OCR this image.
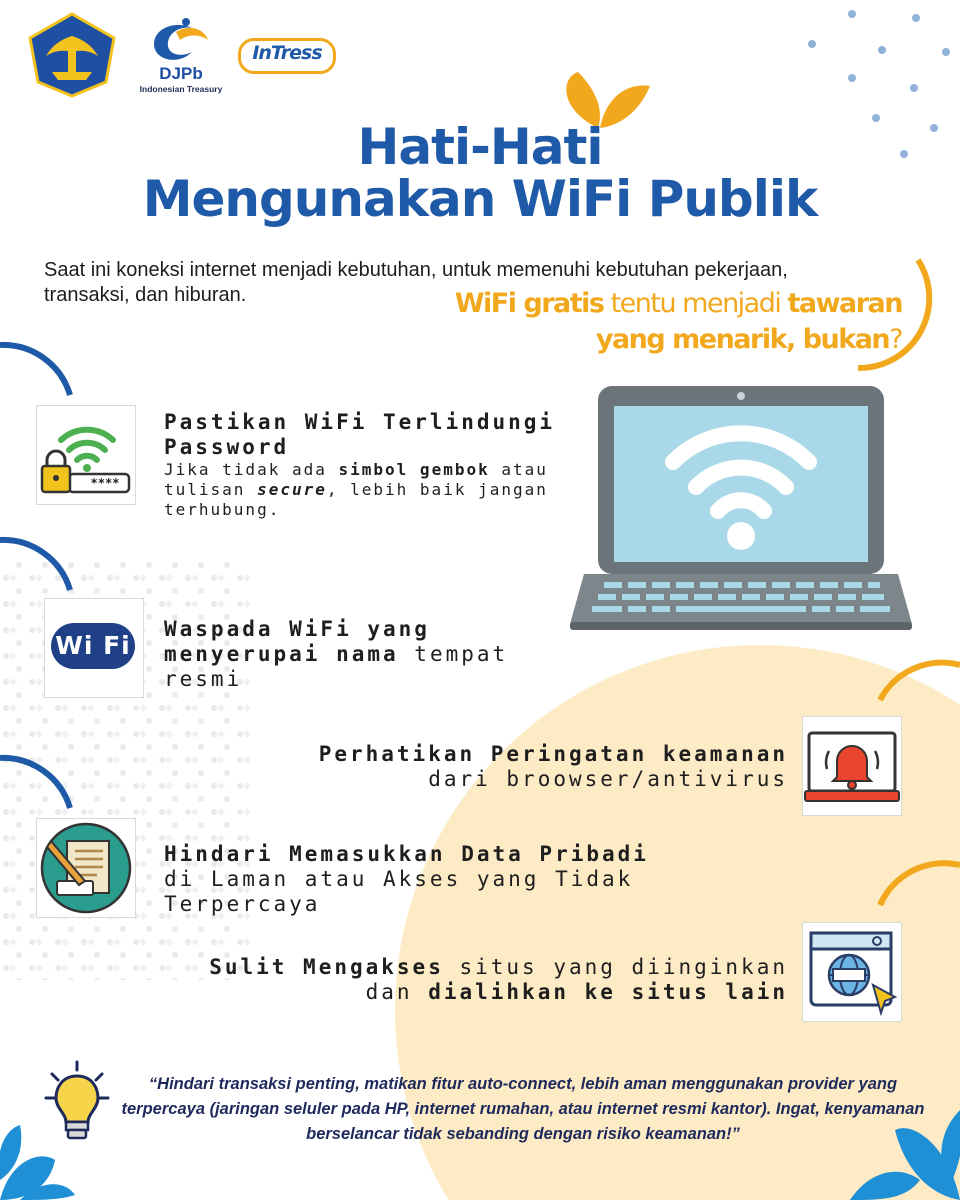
DJPb
Indonesian Treasury
InTress
Hati-Hati
Mengunakan WiFi Publik
Saat ini koneksi internet menjadi kebutuhan, untuk memenuhi kebutuhan pekerjaan, transaksi, dan hiburan.	WiFi gratis tentu menjadi tawaran
yang menarik, bukan?
****
Pastikan WiFi Terlindungi Password
Jika tidak ada simbol gembok atau tulisan secure, lebih baik jangan terhubung.
Wi Fi
Waspada WiFi yang menyerupai nama tempat resmi
Perhatikan Peringatan keamanan
dari broowser/antivirus
Hindari Memasukkan Data Pribadi
di Laman atau Akses yang Tidak Terpercaya
Sulit Mengakses situs yang diinginkan
dan dialihkan ke situs lain
“Hindari transaksi penting, matikan fitur auto-connect, lebih aman menggunakan provider yang terpercaya (jaringan seluler pada HP, internet rumahan, atau internet resmi kantor). Ingat, kenyamanan berselancar tidak sebanding dengan risiko keamanan!”
